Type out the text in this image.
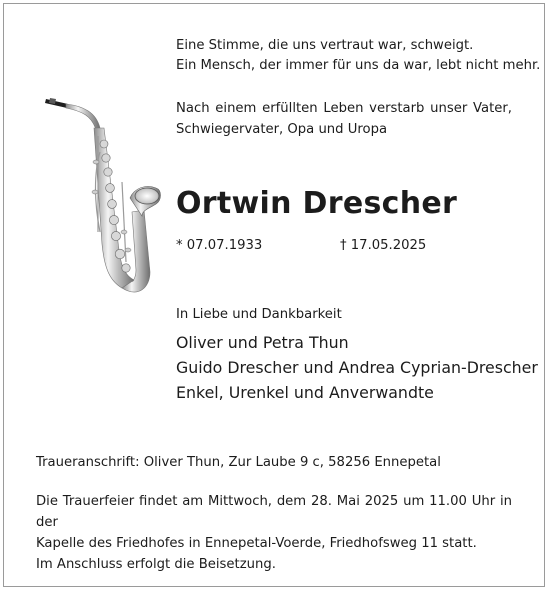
Eine Stimme, die uns vertraut war, schweigt.
Ein Mensch, der immer für uns da war, lebt nicht mehr.
Nach einem erfüllten Leben verstarb unser Vater,
Schwiegervater, Opa und Uropa
Ortwin Drescher
* 07.07.1933	† 17.05.2025
In Liebe und Dankbarkeit
Oliver und Petra Thun
Guido Drescher und Andrea Cyprian-Drescher
Enkel, Urenkel und Anverwandte
Traueranschrift: Oliver Thun, Zur Laube 9 c, 58256 Ennepetal
Die Trauerfeier findet am Mittwoch, dem 28. Mai 2025 um 11.00 Uhr in der
Kapelle des Friedhofes in Ennepetal-Voerde, Friedhofsweg 11 statt.
Im Anschluss erfolgt die Beisetzung.
